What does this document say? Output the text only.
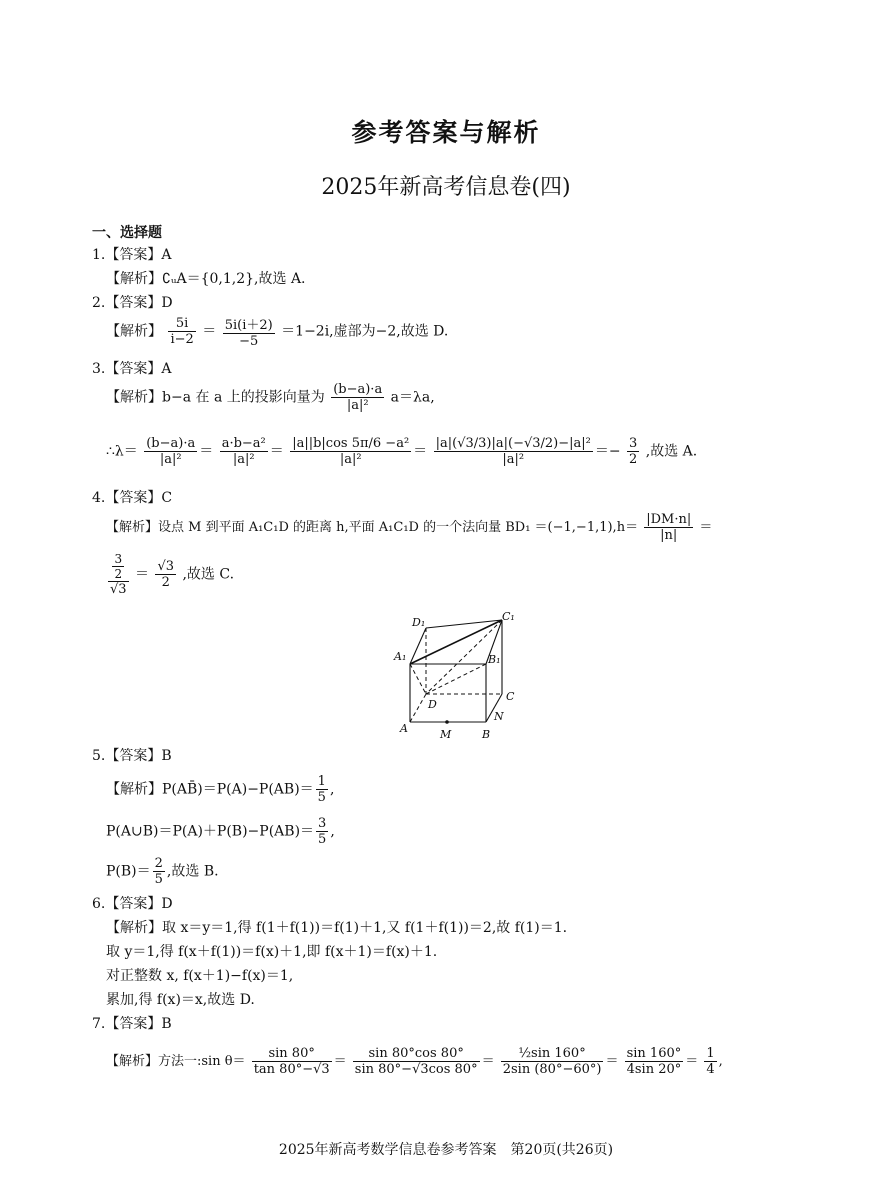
参考答案与解析
2025年新高考信息卷(四)
一、选择题
1.【答案】A
【解析】∁ᵤA＝{0,1,2},故选 A.
2.【答案】D
【解析】 $\frac{5i}{i-2} = \frac{5i(i+2)}{-5} =1-2i$,虚部为−2,故选 D.
3.【答案】A
【解析】b−a 在 a 上的投影向量为 $\frac{(b-a)\cdot a}{\text{|a|²}} a=\lambda a$,
∴λ＝ $\frac{(b-a)\cdot a}{\text{|a|²}} = \frac{\text{a·b−a²}}{\text{|a|²}} = \frac{\text{|a||b|cos 5π/6 −a²}}{\text{|a|²}} = \frac{\text{|a|(√3/3)|a|(−√3/2)−|a|²}}{\text{|a|²}} =- \frac{3}{2}$ ,故选 A.
4.【答案】C
【解析】设点 M 到平面 A₁C₁D 的距离 h,平面 A₁C₁D 的一个法向量 $BD_1 =(-1,-1,1),h= \frac{|DM\cdot n|}{|n|}$ ＝
$\frac{\frac{3}{2}}{√3} = \frac{√3}{2}$ ,故选 C.
D₁	C₁
A₁	B₁
C
D
A	M	B
N
5.【答案】B
【解析】P(AB̄)＝P(A)−P(AB)＝ $\frac{1}{5}$ ,
P(A∪B)＝P(A)＋P(B)−P(AB)＝ $\frac{3}{5}$ ,
$P(B)= \frac{2}{5}$ ,故选 B.
6.【答案】D
【解析】取 x＝y＝1,得 f(1＋f(1))＝f(1)＋1,又 f(1＋f(1))＝2,故 f(1)＝1.
取 y＝1,得 f(x＋f(1))＝f(x)＋1,即 f(x＋1)＝f(x)＋1.
对正整数 x, f(x＋1)−f(x)＝1,
累加,得 f(x)＝x,故选 D.
7.【答案】B
【解析】方法一:sin $\theta= \frac{\sin 80^\circ}{\tan 80^\circ-√3} = \frac{\sin 80^\circ\cos 80^\circ}{\sin 80^\circ-√3\cos 80^\circ} = \frac{\text{½sin 160°}}{2\sin (80^\circ-60^\circ)} = \frac{\sin 160^\circ}{4\sin 20^\circ} = \frac{1}{4}$ ,
2025年新高考数学信息卷参考答案　第20页(共26页)
